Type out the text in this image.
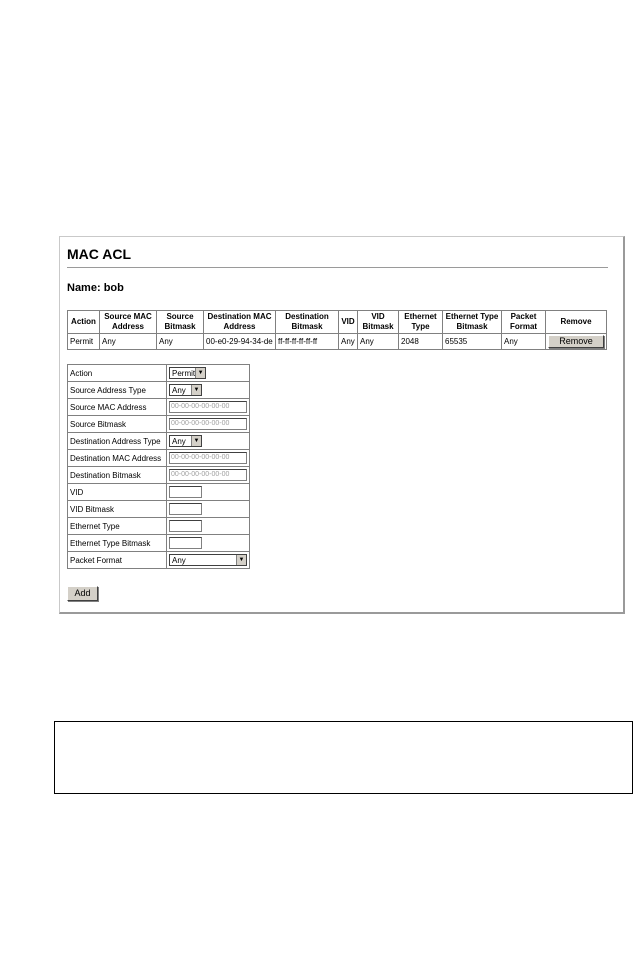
MAC ACL
Name: bob
Action	Source MAC Address	Source Bitmask	Destination MAC Address	Destination Bitmask	VID	VID Bitmask	Ethernet Type	Ethernet Type Bitmask	Packet Format	Remove
Permit	Any	Any	00-e0-29-94-34-de	ff-ff-ff-ff-ff-ff	Any	Any	2048	65535	Any	Remove
Action	Permit ▼

Source Address Type	Any ▼

Source MAC Address	00-00-00-00-00-00
Source Bitmask	00-00-00-00-00-00
Destination Address Type	Any ▼

Destination MAC Address	00-00-00-00-00-00
Destination Bitmask	00-00-00-00-00-00
VID	
VID Bitmask	
Ethernet Type	
Ethernet Type Bitmask	
Packet Format	Any ▼
Add
